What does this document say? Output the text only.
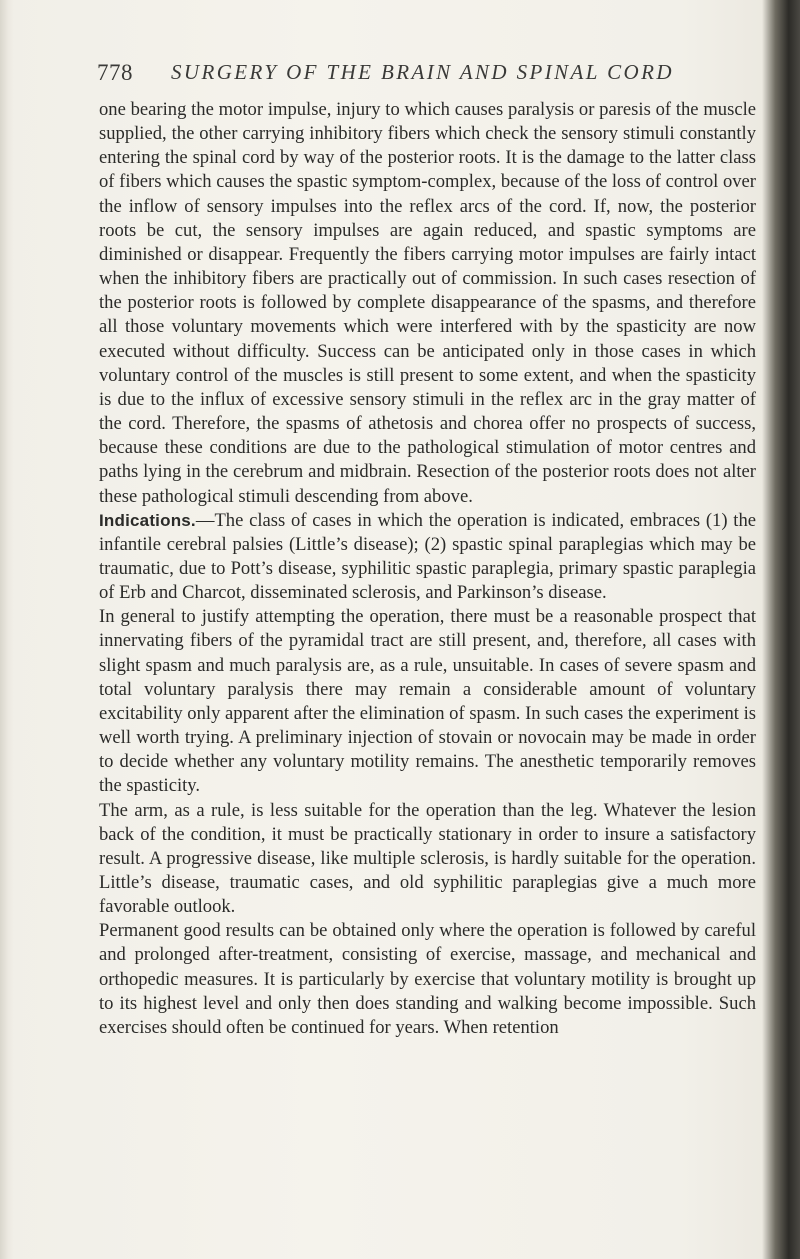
778 SURGERY OF THE BRAIN AND SPINAL CORD

one bearing the motor impulse, injury to which causes paralysis or paresis of the muscle supplied, the other carrying inhibitory fibers which check the sensory stimuli constantly entering the spinal cord by way of the posterior roots. It is the damage to the latter class of fibers which causes the spastic symptom-complex, because of the loss of control over the inflow of sensory impulses into the reflex arcs of the cord. If, now, the posterior roots be cut, the sensory impulses are again reduced, and spastic symptoms are diminished or disappear. Frequently the fibers carrying motor impulses are fairly intact when the inhibitory fibers are practically out of commission. In such cases resection of the posterior roots is followed by complete disappearance of the spasms, and therefore all those voluntary movements which were interfered with by the spasticity are now executed without difficulty. Success can be anticipated only in those cases in which voluntary control of the muscles is still present to some extent, and when the spasticity is due to the influx of excessive sensory stimuli in the reflex arc in the gray matter of the cord. Therefore, the spasms of athetosis and chorea offer no prospects of success, because these conditions are due to the pathological stimulation of motor centres and paths lying in the cerebrum and midbrain. Resection of the posterior roots does not alter these pathological stimuli descending from above.

Indications.—The class of cases in which the operation is indicated, embraces (1) the infantile cerebral palsies (Little’s disease); (2) spastic spinal paraplegias which may be traumatic, due to Pott’s disease, syphilitic spastic paraplegia, primary spastic paraplegia of Erb and Charcot, disseminated sclerosis, and Parkinson’s disease.

In general to justify attempting the operation, there must be a reasonable prospect that innervating fibers of the pyramidal tract are still present, and, therefore, all cases with slight spasm and much paralysis are, as a rule, unsuitable. In cases of severe spasm and total voluntary paralysis there may remain a considerable amount of voluntary excitability only apparent after the elimination of spasm. In such cases the experiment is well worth trying. A preliminary injection of stovain or novocain may be made in order to decide whether any voluntary motility remains. The anesthetic temporarily removes the spasticity.

The arm, as a rule, is less suitable for the operation than the leg. Whatever the lesion back of the condition, it must be practically stationary in order to insure a satisfactory result. A progressive disease, like multiple sclerosis, is hardly suitable for the operation. Little’s disease, traumatic cases, and old syphilitic paraplegias give a much more favorable outlook.

Permanent good results can be obtained only where the operation is followed by careful and prolonged after-treatment, consisting of exercise, massage, and mechanical and orthopedic measures. It is particularly by exercise that voluntary motility is brought up to its highest level and only then does standing and walking become impossible. Such exercises should often be continued for years. When retention
